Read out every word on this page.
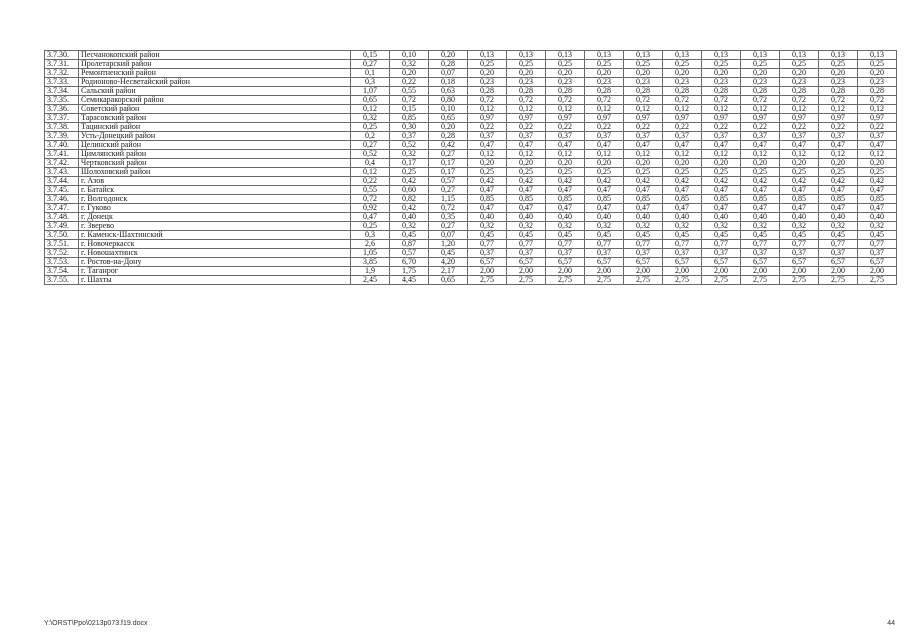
3.7.30.	Песчанокопский район	0,15	0,10	0,20	0,13	0,13	0,13	0,13	0,13	0,13	0,13	0,13	0,13	0,13	0,13
3.7.31.	Пролетарский район	0,27	0,32	0,28	0,25	0,25	0,25	0,25	0,25	0,25	0,25	0,25	0,25	0,25	0,25
3.7.32.	Ремонтненский район	0,1	0,20	0,07	0,20	0,20	0,20	0,20	0,20	0,20	0,20	0,20	0,20	0,20	0,20
3.7.33.	Родионово-Несветайский район	0,3	0,22	0,18	0,23	0,23	0,23	0,23	0,23	0,23	0,23	0,23	0,23	0,23	0,23
3.7.34.	Сальский район	1,07	0,55	0,63	0,28	0,28	0,28	0,28	0,28	0,28	0,28	0,28	0,28	0,28	0,28
3.7.35.	Семикаракорский район	0,65	0,72	0,80	0,72	0,72	0,72	0,72	0,72	0,72	0,72	0,72	0,72	0,72	0,72
3.7.36.	Советский район	0,12	0,15	0,10	0,12	0,12	0,12	0,12	0,12	0,12	0,12	0,12	0,12	0,12	0,12
3.7.37.	Тарасовский район	0,32	0,85	0,65	0,97	0,97	0,97	0,97	0,97	0,97	0,97	0,97	0,97	0,97	0,97
3.7.38.	Тацинский район	0,25	0,30	0,20	0,22	0,22	0,22	0,22	0,22	0,22	0,22	0,22	0,22	0,22	0,22
3.7.39.	Усть-Донецкий район	0,2	0,37	0,28	0,37	0,37	0,37	0,37	0,37	0,37	0,37	0,37	0,37	0,37	0,37
3.7.40.	Целинский район	0,27	0,52	0,42	0,47	0,47	0,47	0,47	0,47	0,47	0,47	0,47	0,47	0,47	0,47
3.7.41.	Цимлянский район	0,52	0,32	0,27	0,12	0,12	0,12	0,12	0,12	0,12	0,12	0,12	0,12	0,12	0,12
3.7.42.	Чертковский район	0,4	0,17	0,17	0,20	0,20	0,20	0,20	0,20	0,20	0,20	0,20	0,20	0,20	0,20
3.7.43.	Шолоховский район	0,12	0,25	0,17	0,25	0,25	0,25	0,25	0,25	0,25	0,25	0,25	0,25	0,25	0,25
3.7.44.	г. Азов	0,22	0,42	0,57	0,42	0,42	0,42	0,42	0,42	0,42	0,42	0,42	0,42	0,42	0,42
3.7.45.	г. Батайск	0,55	0,60	0,27	0,47	0,47	0,47	0,47	0,47	0,47	0,47	0,47	0,47	0,47	0,47
3.7.46.	г. Волгодонск	0,72	0,82	1,15	0,85	0,85	0,85	0,85	0,85	0,85	0,85	0,85	0,85	0,85	0,85
3.7.47.	г. Гуково	0,92	0,42	0,72	0,47	0,47	0,47	0,47	0,47	0,47	0,47	0,47	0,47	0,47	0,47
3.7.48.	г. Донецк	0,47	0,40	0,35	0,40	0,40	0,40	0,40	0,40	0,40	0,40	0,40	0,40	0,40	0,40
3.7.49.	г. Зверево	0,25	0,32	0,27	0,32	0,32	0,32	0,32	0,32	0,32	0,32	0,32	0,32	0,32	0,32
3.7.50.	г. Каменск-Шахтинский	0,3	0,45	0,07	0,45	0,45	0,45	0,45	0,45	0,45	0,45	0,45	0,45	0,45	0,45
3.7.51.	г. Новочеркасск	2,6	0,87	1,20	0,77	0,77	0,77	0,77	0,77	0,77	0,77	0,77	0,77	0,77	0,77
3.7.52.	г. Новошахтинск	1,05	0,57	0,45	0,37	0,37	0,37	0,37	0,37	0,37	0,37	0,37	0,37	0,37	0,37
3.7.53.	г. Ростов-на-Дону	3,85	6,70	4,20	6,57	6,57	6,57	6,57	6,57	6,57	6,57	6,57	6,57	6,57	6,57
3.7.54.	г. Таганрог	1,9	1,75	2,17	2,00	2,00	2,00	2,00	2,00	2,00	2,00	2,00	2,00	2,00	2,00
3.7.55.	г. Шахты	2,45	4,45	0,65	2,75	2,75	2,75	2,75	2,75	2,75	2,75	2,75	2,75	2,75	2,75
Y:\ORST\Ppo\0213p073.f19.docx	44
